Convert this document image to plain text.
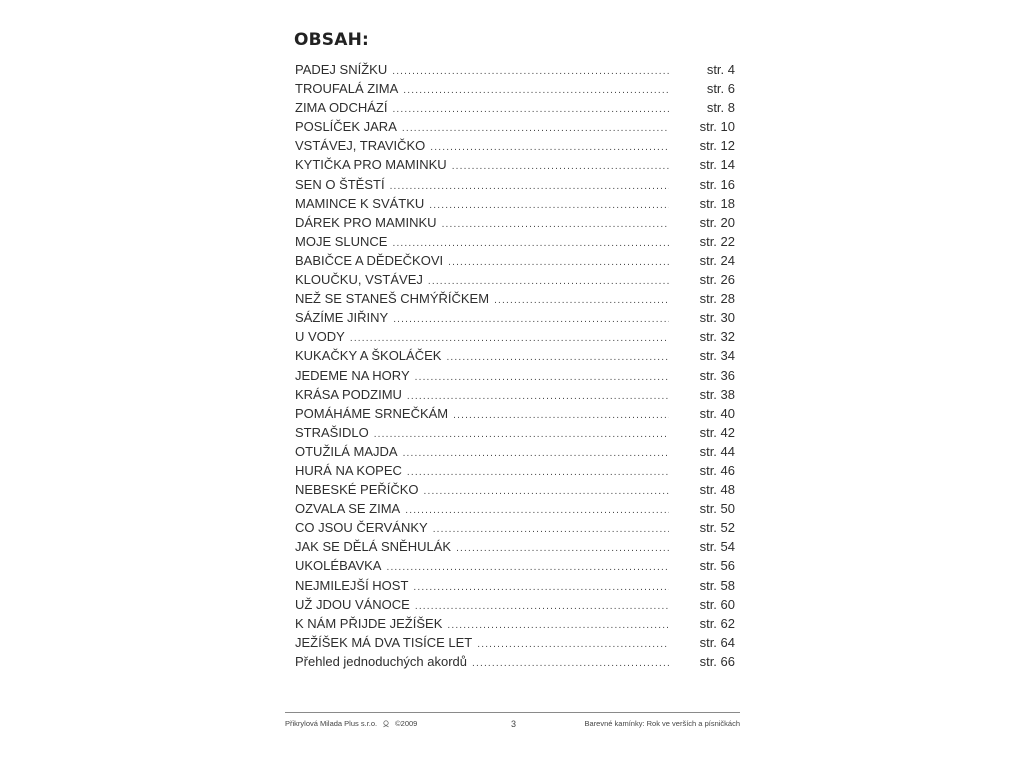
OBSAH:
PADEJ SNÍŽKU .....	str. 4
TROUFALÁ ZIMA .....	str. 6
ZIMA ODCHÁZÍ .....	str. 8
POSLÍČEK JARA .....	str. 10
VSTÁVEJ, TRAVIČKO .....	str. 12
KYTIČKA PRO MAMINKU .....	str. 14
SEN O ŠTĚSTÍ .....	str. 16
MAMINCE K SVÁTKU .....	str. 18
DÁREK PRO MAMINKU .....	str. 20
MOJE SLUNCE .....	str. 22
BABIČCE A DĚDEČKOVI .....	str. 24
KLOUČKU, VSTÁVEJ .....	str. 26
NEŽ SE STANEŠ CHMÝŘÍČKEM .....	str. 28
SÁZÍME JIŘINY .....	str. 30
U VODY .....	str. 32
KUKAČKY A ŠKOLÁČEK .....	str. 34
JEDEME NA HORY .....	str. 36
KRÁSA PODZIMU .....	str. 38
POMÁHÁME SRNEČKÁM .....	str. 40
STRAŠIDLO .....	str. 42
OTUŽILÁ MAJDA .....	str. 44
HURÁ NA KOPEC .....	str. 46
NEBESKÉ PEŘÍČKO .....	str. 48
OZVALA SE ZIMA .....	str. 50
CO JSOU ČERVÁNKY .....	str. 52
JAK SE DĚLÁ SNĚHULÁK .....	str. 54
UKOLÉBAVKA .....	str. 56
NEJMILEJŠÍ HOST .....	str. 58
UŽ JDOU VÁNOCE .....	str. 60
K NÁM PŘIJDE JEŽÍŠEK .....	str. 62
JEŽÍŠEK MÁ DVA TISÍCE LET .....	str. 64
Přehled jednoduchých akordů .....	str. 66
Přikrylová Milada Plus s.r.o. ©2009	3	Barevné kamínky: Rok ve verších a písničkách
